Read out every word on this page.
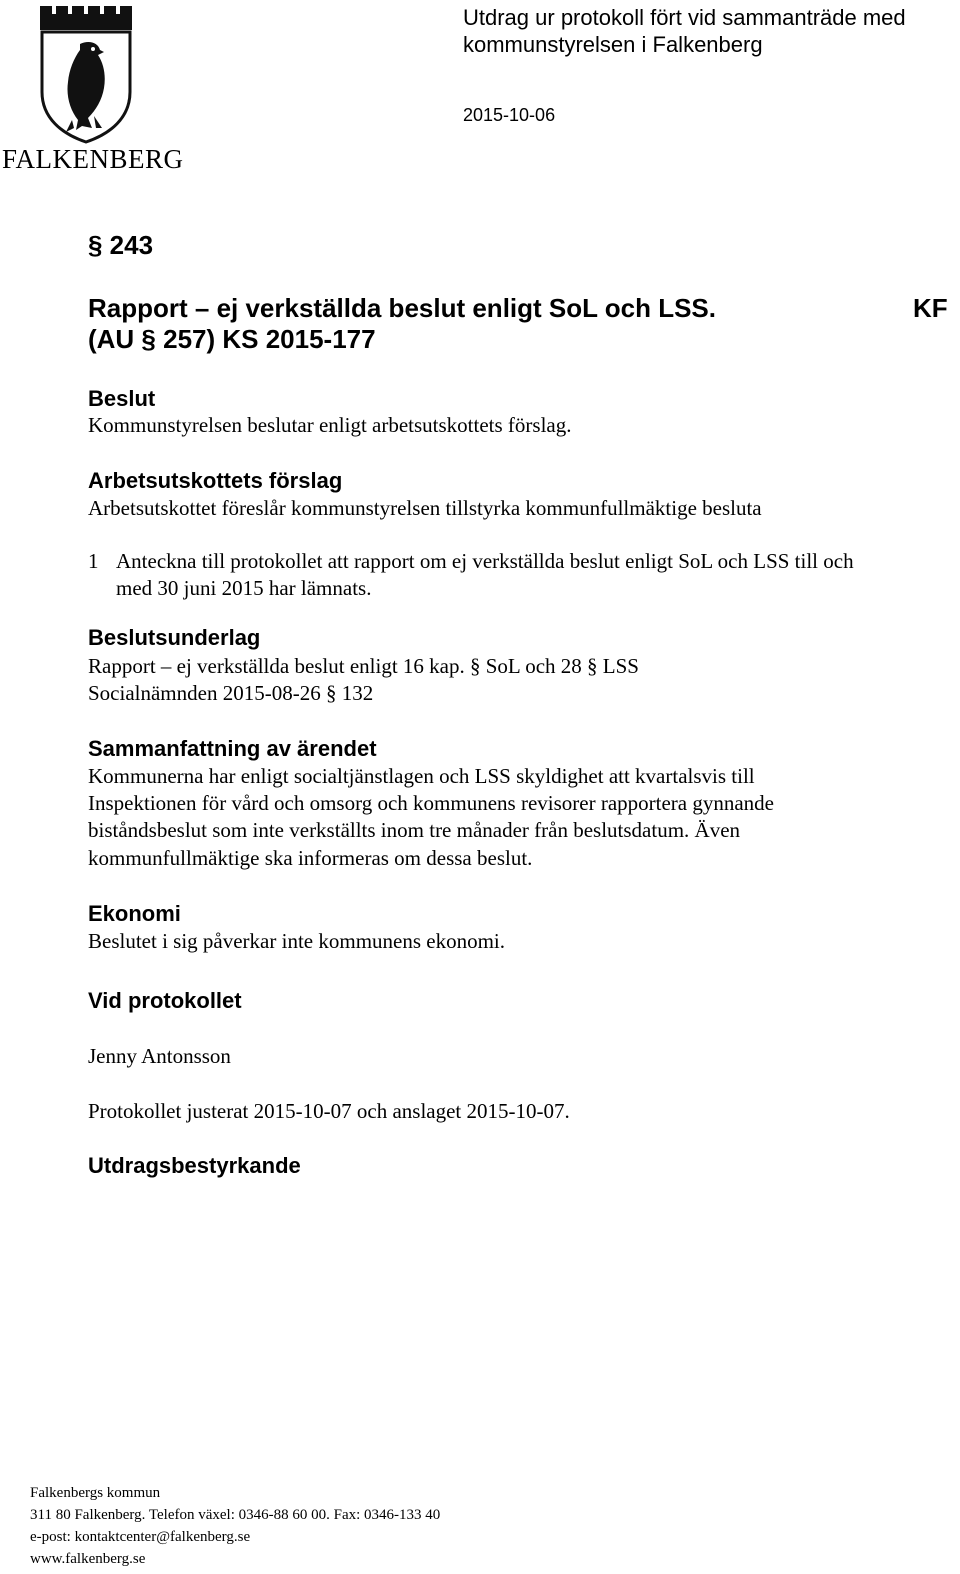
FALKENBERG
Utdrag ur protokoll fört vid sammanträde med
kommunstyrelsen i Falkenberg
2015-10-06
§ 243
Rapport – ej verkställda beslut enligt SoL och LSS.
(AU § 257) KS 2015-177
KF
Beslut
Kommunstyrelsen beslutar enligt arbetsutskottets förslag.
Arbetsutskottets förslag
Arbetsutskottet föreslår kommunstyrelsen tillstyrka kommunfullmäktige besluta
1 Anteckna till protokollet att rapport om ej verkställda beslut enligt SoL och LSS till och
med 30 juni 2015 har lämnats.
Beslutsunderlag
Rapport – ej verkställda beslut enligt 16 kap. § SoL och 28 § LSS
Socialnämnden 2015-08-26 § 132
Sammanfattning av ärendet
Kommunerna har enligt socialtjänstlagen och LSS skyldighet att kvartalsvis till
Inspektionen för vård och omsorg och kommunens revisorer rapportera gynnande
biståndsbeslut som inte verkställts inom tre månader från beslutsdatum. Även
kommunfullmäktige ska informeras om dessa beslut.
Ekonomi
Beslutet i sig påverkar inte kommunens ekonomi.
Vid protokollet
Jenny Antonsson
Protokollet justerat 2015-10-07 och anslaget 2015-10-07.
Utdragsbestyrkande
Falkenbergs kommun
311 80 Falkenberg. Telefon växel: 0346-88 60 00. Fax: 0346-133 40
e-post: kontaktcenter@falkenberg.se
www.falkenberg.se
